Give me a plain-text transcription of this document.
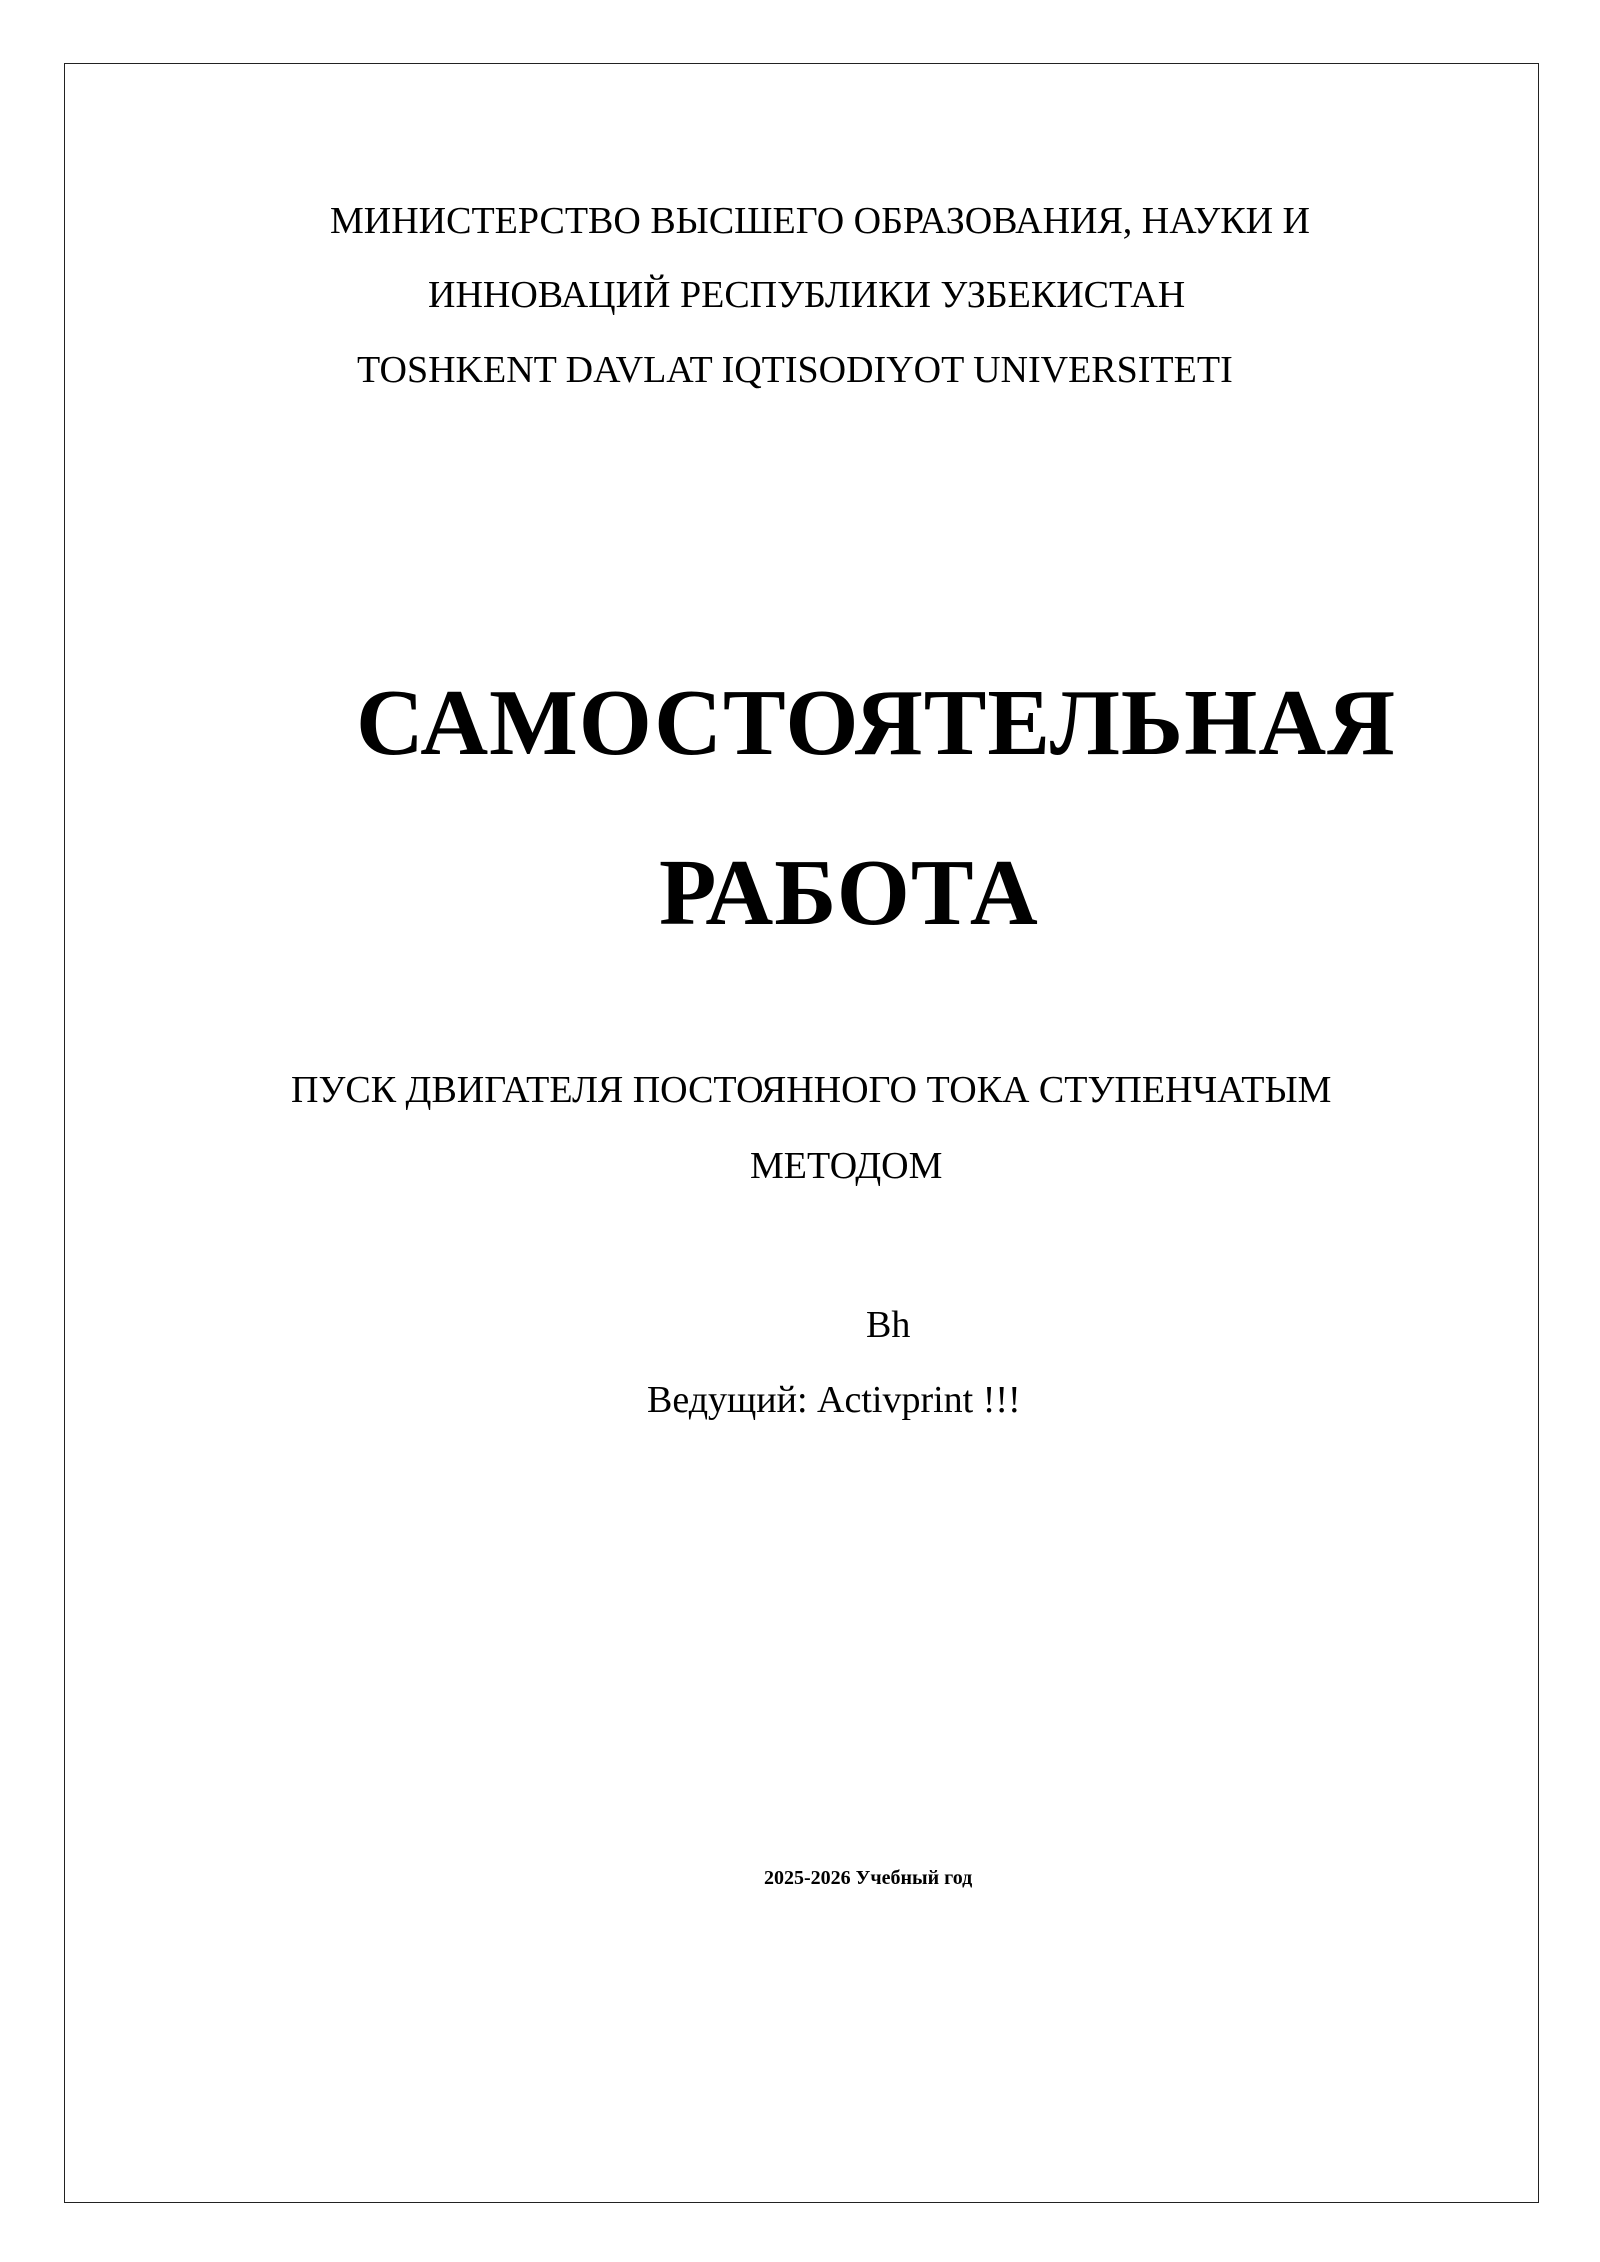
МИНИСТЕРСТВО ВЫСШЕГО ОБРАЗОВАНИЯ, НАУКИ И
ИННОВАЦИЙ РЕСПУБЛИКИ УЗБЕКИСТАН
TOSHKENT DAVLAT IQTISODIYOT UNIVERSITETI
САМОСТОЯТЕЛЬНАЯ
РАБОТА
ПУСК ДВИГАТЕЛЯ ПОСТОЯННОГО ТОКА СТУПЕНЧАТЫМ
МЕТОДОМ
Bh
Ведущий: Activprint !!!
2025-2026 Учебный год
